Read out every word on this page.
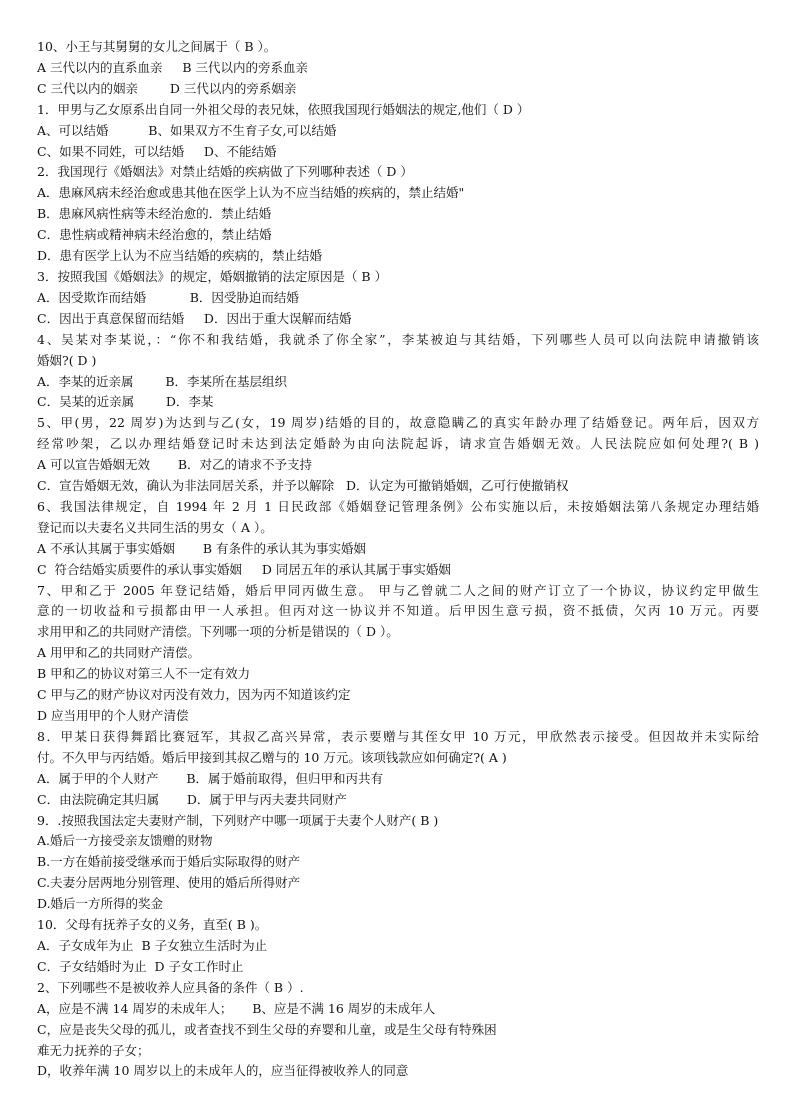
10、小王与其舅舅的女儿之间属于（ B ）。
A 三代以内的直系血亲     B 三代以内的旁系血亲
C 三代以内的姻亲        D 三代以内的旁系姻亲
1．甲男与乙女原系出自同一外祖父母的表兄妹，依照我国现行婚姻法的规定,他们（ D ）
A、可以结婚          B、如果双方不生育子女,可以结婚
C、如果不同姓，可以结婚     D、不能结婚
2．我国现行《婚姻法》对禁止结婚的疾病做了下列哪种表述（ D ）
A．患麻风病未经治愈或患其他在医学上认为不应当结婚的疾病的，禁止结婚"
B．患麻风病性病等未经治愈的．禁止结婚
C．患性病或精神病未经治愈的，禁止结婚
D．患有医学上认为不应当结婚的疾病的，禁止结婚
3．按照我国《婚姻法》的规定，婚姻撤销的法定原因是（ B ）
A．因受欺诈而结婚           B．因受胁迫而结婚
C．因出于真意保留而结婚     D．因出于重大误解而结婚
4、吴某对李某说，：“你不和我结婚，我就杀了你全家”，李某被迫与其结婚，下列哪些人员可以向法院申请撤销该
婚姻?( D )
A．李某的近亲属        B．李某所在基层组织
C．吴某的近亲属        D．李某
5、甲(男，22 周岁)为达到与乙(女，19 周岁)结婚的目的，故意隐瞒乙的真实年龄办理了结婚登记。两年后，因双方
经常吵架，乙以办理结婚登记时未达到法定婚龄为由向法院起诉，请求宣告婚姻无效。人民法院应如何处理?( B )
A 可以宣告婚姻无效       B．对乙的请求不予支持
C．宣告婚姻无效，确认为非法同居关系，并予以解除   D．认定为可撤销婚姻，乙可行使撤销权
6、我国法律规定，自 1994 年 2 月 1 日民政部《婚姻登记管理条例》公布实施以后，未按婚姻法第八条规定办理结婚
登记而以夫妻名义共同生活的男女（ A ）。
A 不承认其属于事实婚姻       B 有条件的承认其为事实婚姻
C  符合结婚实质要件的承认事实婚姻     D 同居五年的承认其属于事实婚姻
7、甲和乙于 2005 年登记结婚，婚后甲同丙做生意。 甲与乙曾就二人之间的财产订立了一个协议，协议约定甲做生
意的一切收益和亏损都由甲一人承担。但丙对这一协议并不知道。后甲因生意亏损，资不抵债，欠丙 10 万元。丙要
求用甲和乙的共同财产清偿。下列哪一项的分析是错误的（ D ）。
A 用甲和乙的共同财产清偿。
B 甲和乙的协议对第三人不一定有效力
C 甲与乙的财产协议对丙没有效力，因为丙不知道该约定
D 应当用甲的个人财产清偿
8．甲某日获得舞蹈比赛冠军，其叔乙高兴异常，表示要赠与其侄女甲 10 万元，甲欣然表示接受。但因故并未实际给
付。不久甲与丙结婚。婚后甲接到其叔乙赠与的 10 万元。该项钱款应如何确定?( A )
A．属于甲的个人财产       B．属于婚前取得，但归甲和丙共有
C．由法院确定其归属       D．属于甲与丙夫妻共同财产
9．.按照我国法定夫妻财产制，下列财产中哪一项属于夫妻个人财产( B )
A.婚后一方接受亲友馈赠的财物
B.一方在婚前接受继承而于婚后实际取得的财产
C.夫妻分居两地分别管理、使用的婚后所得财产
D.婚后一方所得的奖金
10．父母有抚养子女的义务，直至( B )。
A．子女成年为止  B 子女独立生活时为止
C．子女结婚时为止  D 子女工作时止
2、下列哪些不是被收养人应具备的条件（ B ）.
A，应是不满 14 周岁的未成年人；     B、应是不满 16 周岁的未成年人
C，应是丧失父母的孤儿，或者查找不到生父母的弃婴和儿童，或是生父母有特殊困
难无力抚养的子女；
D，收养年满 10 周岁以上的未成年人的，应当征得被收养人的同意
